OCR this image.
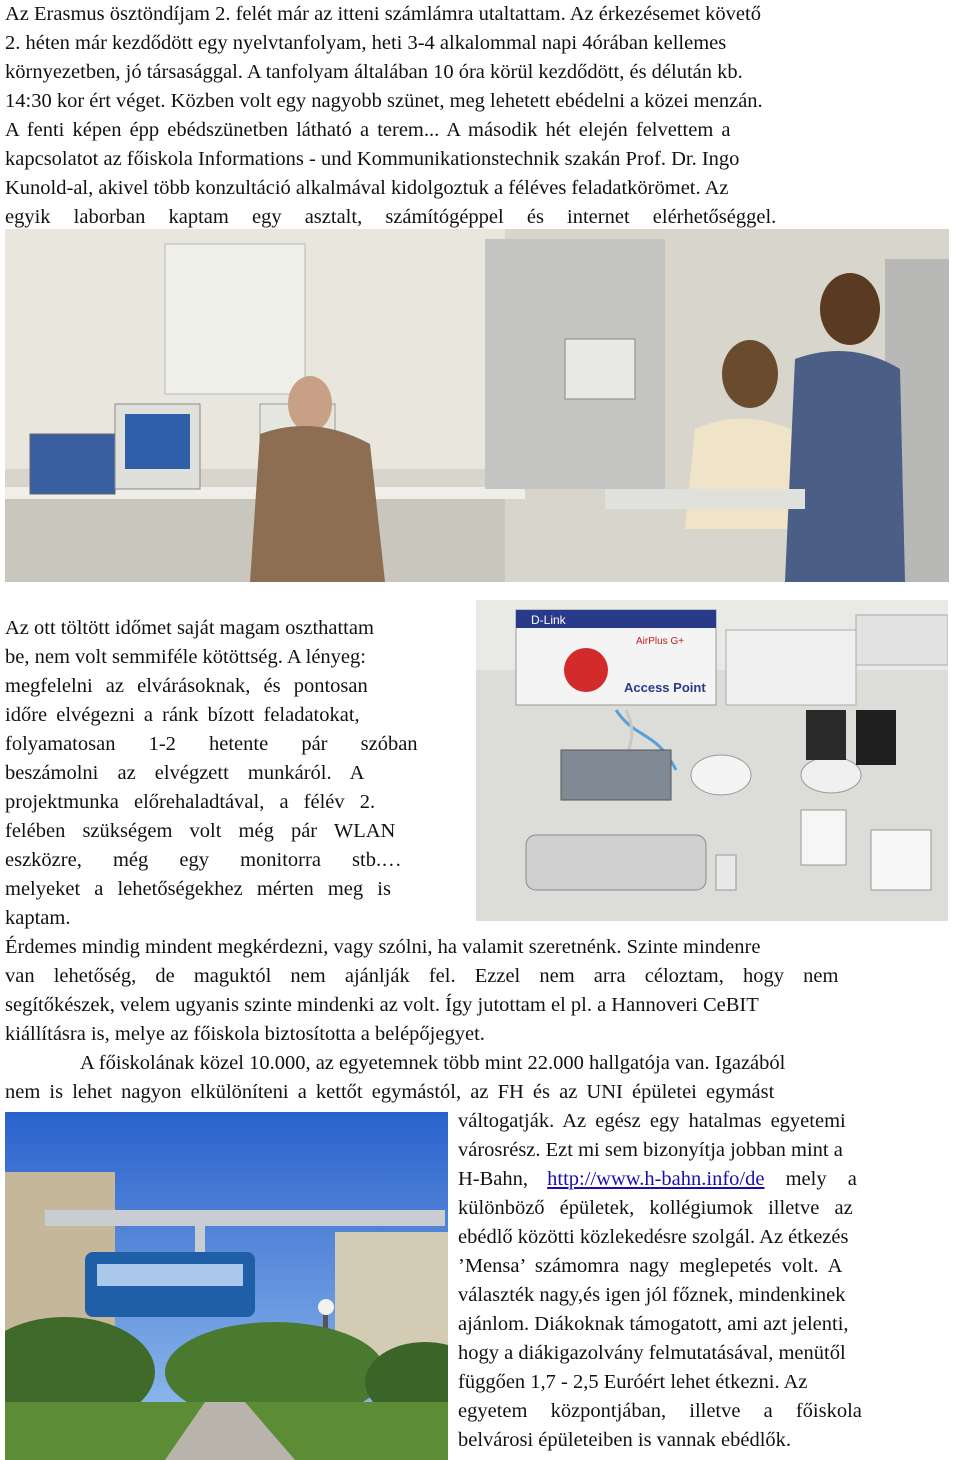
Az Erasmus ösztöndíjam 2. felét már az itteni számlámra utaltattam. Az érkezésemet követő

2. héten már kezdődött egy nyelvtanfolyam, heti 3-4 alkalommal napi 4órában kellemes

környezetben, jó társasággal. A tanfolyam általában 10 óra körül kezdődött, és délután kb.

14:30 kor ért véget. Közben volt egy nagyobb szünet, meg lehetett ebédelni a közei menzán.

A fenti képen épp ebédszünetben látható a terem... A második hét elején felvettem a

kapcsolatot az főiskola Informations - und Kommunikationstechnik szakán Prof. Dr. Ingo

Kunold-al, akivel több konzultáció alkalmával kidolgoztuk a féléves feladatkörömet. Az

egyik laborban kaptam egy asztalt, számítógéppel és internet elérhetőséggel.

Az ott töltött időmet saját magam oszthattam

be, nem volt semmiféle kötöttség. A lényeg:

megfelelni az elvárásoknak, és pontosan

időre elvégezni a ránk bízott feladatokat,

folyamatosan 1-2 hetente pár szóban

beszámolni az elvégzett munkáról. A

projektmunka előrehaladtával, a félév 2.

felében szükségem volt még pár WLAN

eszközre, még egy monitorra stb.…

melyeket a lehetőségekhez mérten meg is

kaptam.

D-Link
Access Point
AirPlus G+

Érdemes mindig mindent megkérdezni, vagy szólni, ha valamit szeretnénk. Szinte mindenre

van lehetőség, de maguktól nem ajánlják fel. Ezzel nem arra céloztam, hogy nem

segítőkészek, velem ugyanis szinte mindenki az volt. Így jutottam el pl. a Hannoveri CeBIT

kiállításra is, melye az főiskola biztosította a belépőjegyet.

A főiskolának közel 10.000, az egyetemnek több mint 22.000 hallgatója van. Igazából

nem is lehet nagyon elkülöníteni a kettőt egymástól, az FH és az UNI épületei egymást

váltogatják. Az egész egy hatalmas egyetemi

városrész. Ezt mi sem bizonyítja jobban mint a

H-Bahn, http://www.h-bahn.info/de mely a

különböző épületek, kollégiumok illetve az

ebédlő közötti közlekedésre szolgál. Az étkezés

’Mensa’ számomra nagy meglepetés volt. A

választék nagy,és igen jól főznek, mindenkinek

ajánlom. Diákoknak támogatott, ami azt jelenti,

hogy a diákigazolvány felmutatásával, menütől

függően 1,7 - 2,5 Euróért lehet étkezni. Az

egyetem központjában, illetve a főiskola

belvárosi épületeiben is vannak ebédlők.
